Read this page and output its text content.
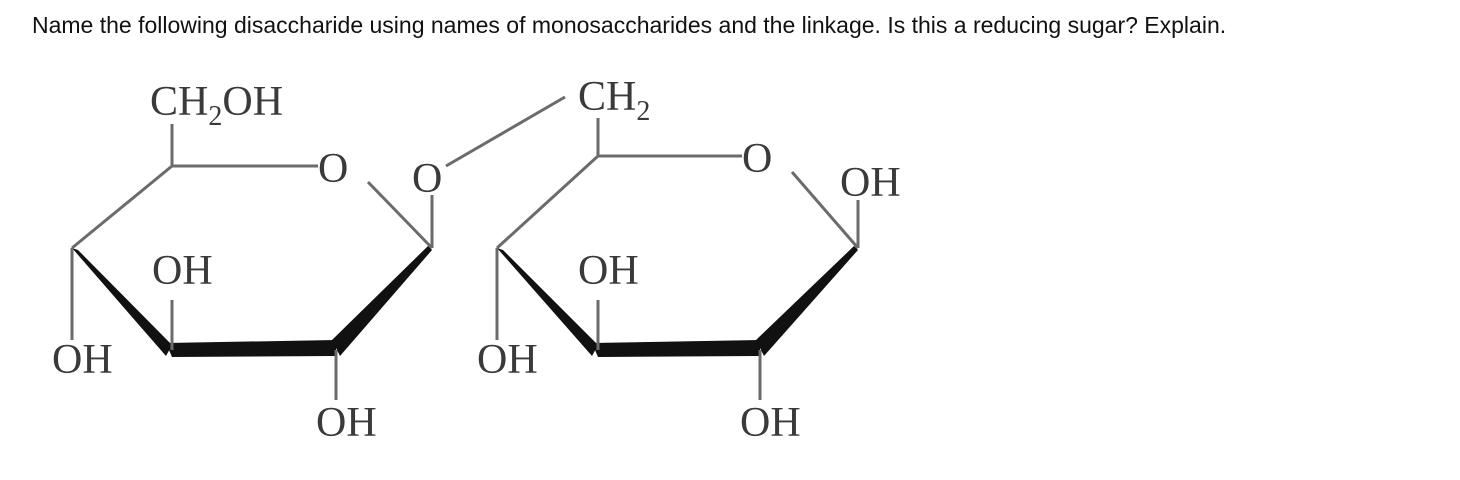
Name the following disaccharide using names of monosaccharides and the linkage. Is this a reducing sugar? Explain.

$CH_2OH$
O
OH
OH
OH
O
$CH_2$
O
OH
OH
OH
OH
